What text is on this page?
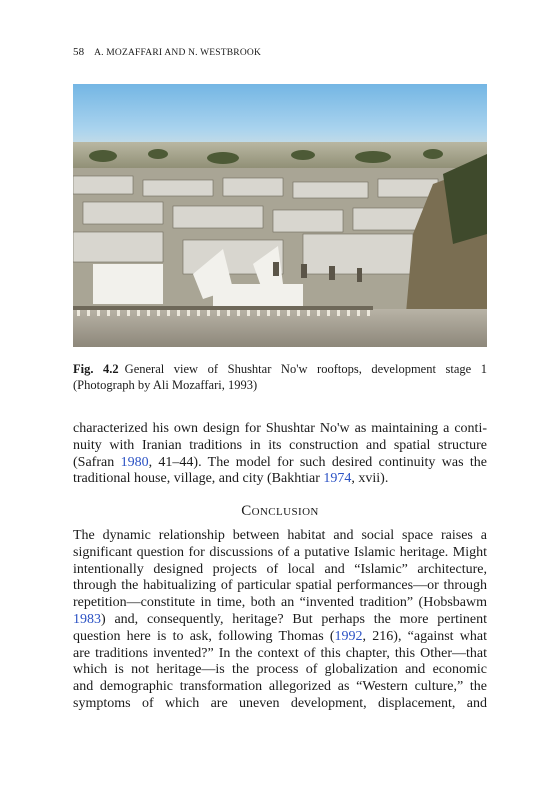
58 A. MOZAFFARI AND N. WESTBROOK
Fig. 4.2 General view of Shushtar No'w rooftops, development stage 1 (Photograph by Ali Mozaffari, 1993)
characterized his own design for Shushtar No'w as maintaining a conti-
nuity with Iranian traditions in its construction and spatial structure
(Safran 1980, 41–44). The model for such desired continuity was the
traditional house, village, and city (Bakhtiar 1974, xvii).
Conclusion
The dynamic relationship between habitat and social space raises a
significant question for discussions of a putative Islamic heritage. Might
intentionally designed projects of local and “Islamic” architecture,
through the habitualizing of particular spatial performances—or through
repetition—constitute in time, both an “invented tradition” (Hobsbawm
1983) and, consequently, heritage? But perhaps the more pertinent
question here is to ask, following Thomas (1992, 216), “against what
are traditions invented?” In the context of this chapter, this Other—that
which is not heritage—is the process of globalization and economic
and demographic transformation allegorized as “Western culture,” the
symptoms of which are uneven development, displacement, and
